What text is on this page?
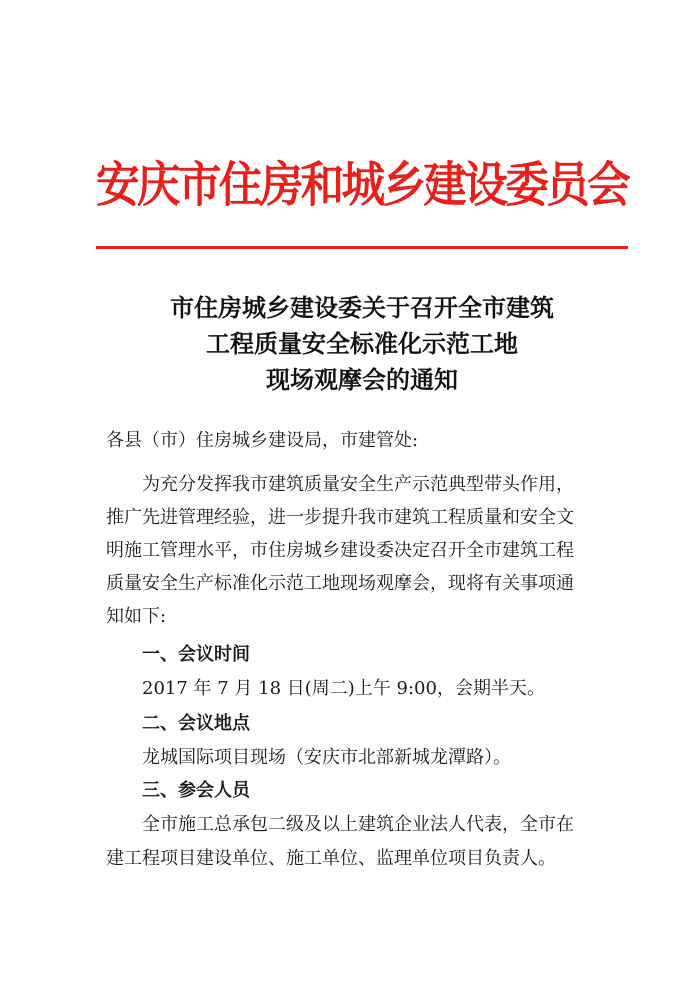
安庆市住房和城乡建设委员会
市住房城乡建设委关于召开全市建筑
工程质量安全标准化示范工地
现场观摩会的通知
各县（市）住房城乡建设局，市建管处:
为充分发挥我市建筑质量安全生产示范典型带头作用，
推广先进管理经验，进一步提升我市建筑工程质量和安全文
明施工管理水平，市住房城乡建设委决定召开全市建筑工程
质量安全生产标准化示范工地现场观摩会，现将有关事项通
知如下:
一、会议时间
2017 年 7 月 18 日(周二)上午 9:00，会期半天。
二、会议地点
龙城国际项目现场（安庆市北部新城龙潭路）。
三、参会人员
全市施工总承包二级及以上建筑企业法人代表，全市在
建工程项目建设单位、施工单位、监理单位项目负责人。
